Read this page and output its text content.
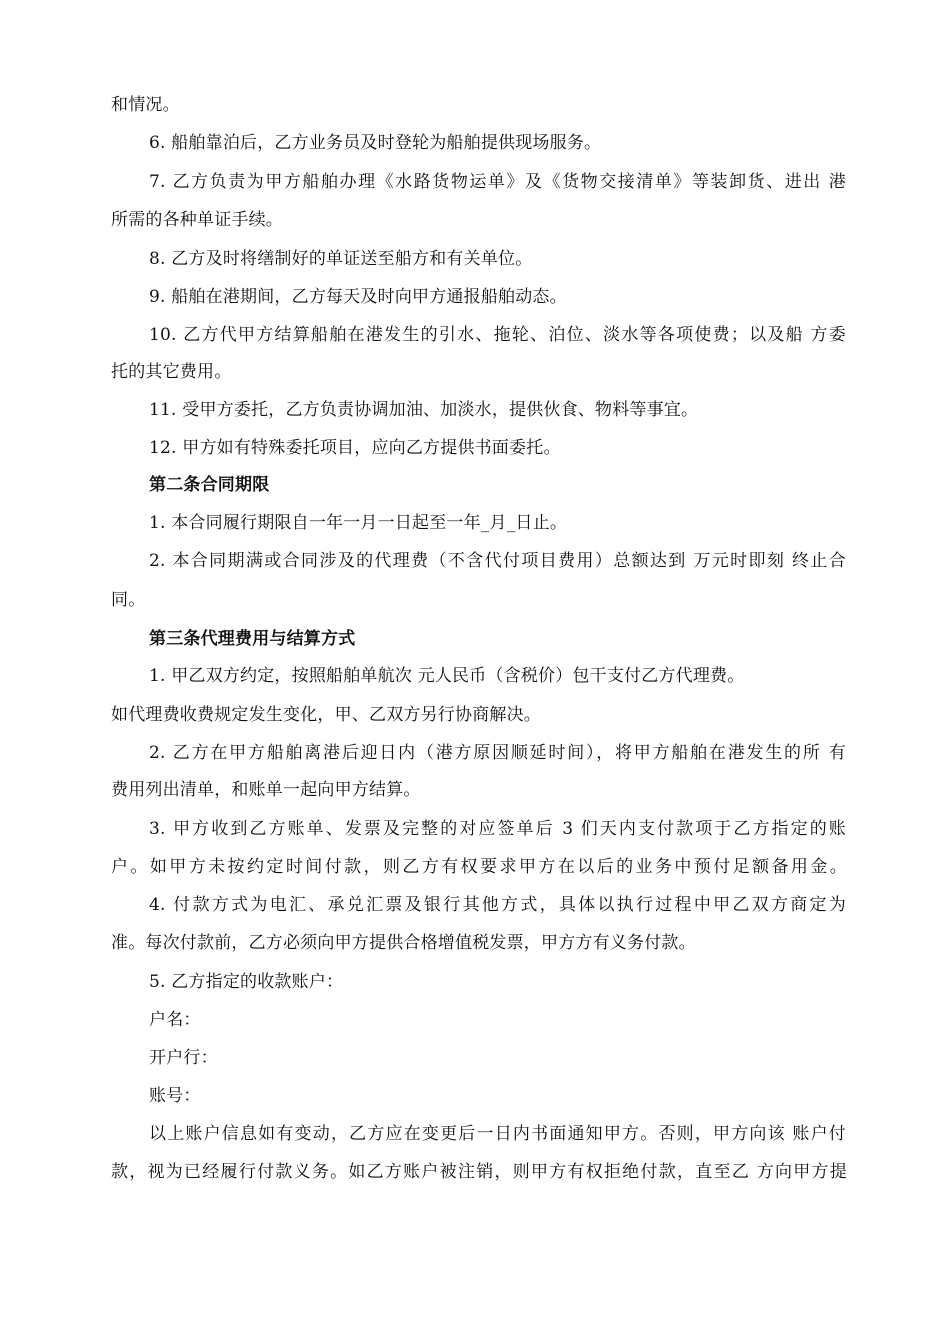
和情况。

6. 船舶靠泊后，乙方业务员及时登轮为船舶提供现场服务。

7. 乙方负责为甲方船舶办理《水路货物运单》及《货物交接清单》等装卸货、进出 港

所需的各种单证手续。

8. 乙方及时将缮制好的单证送至船方和有关单位。

9. 船舶在港期间，乙方每天及时向甲方通报船舶动态。

10. 乙方代甲方结算船舶在港发生的引水、拖轮、泊位、淡水等各项使费；以及船 方委

托的其它费用。

11. 受甲方委托，乙方负责协调加油、加淡水，提供伙食、物料等事宜。

12. 甲方如有特殊委托项目，应向乙方提供书面委托。

第二条合同期限

1. 本合同履行期限自一年一月一日起至一年_月_日止。

2. 本合同期满或合同涉及的代理费（不含代付项目费用）总额达到 万元时即刻 终止合

同。

第三条代理费用与结算方式

1. 甲乙双方约定，按照船舶单航次 元人民币（含税价）包干支付乙方代理费。

如代理费收费规定发生变化，甲、乙双方另行协商解决。

2. 乙方在甲方船舶离港后迎日内（港方原因顺延时间），将甲方船舶在港发生的所 有

费用列出清单，和账单一起向甲方结算。

3. 甲方收到乙方账单、发票及完整的对应签单后 3 们天内支付款项于乙方指定的账

户。如甲方未按约定时间付款，则乙方有权要求甲方在以后的业务中预付足额备用金。

4. 付款方式为电汇、承兑汇票及银行其他方式，具体以执行过程中甲乙双方商定为

准。每次付款前，乙方必须向甲方提供合格增值税发票，甲方方有义务付款。

5. 乙方指定的收款账户：

户名：

开户行：

账号：

以上账户信息如有变动，乙方应在变更后一日内书面通知甲方。否则，甲方向该 账户付

款，视为已经履行付款义务。如乙方账户被注销，则甲方有权拒绝付款，直至乙 方向甲方提
